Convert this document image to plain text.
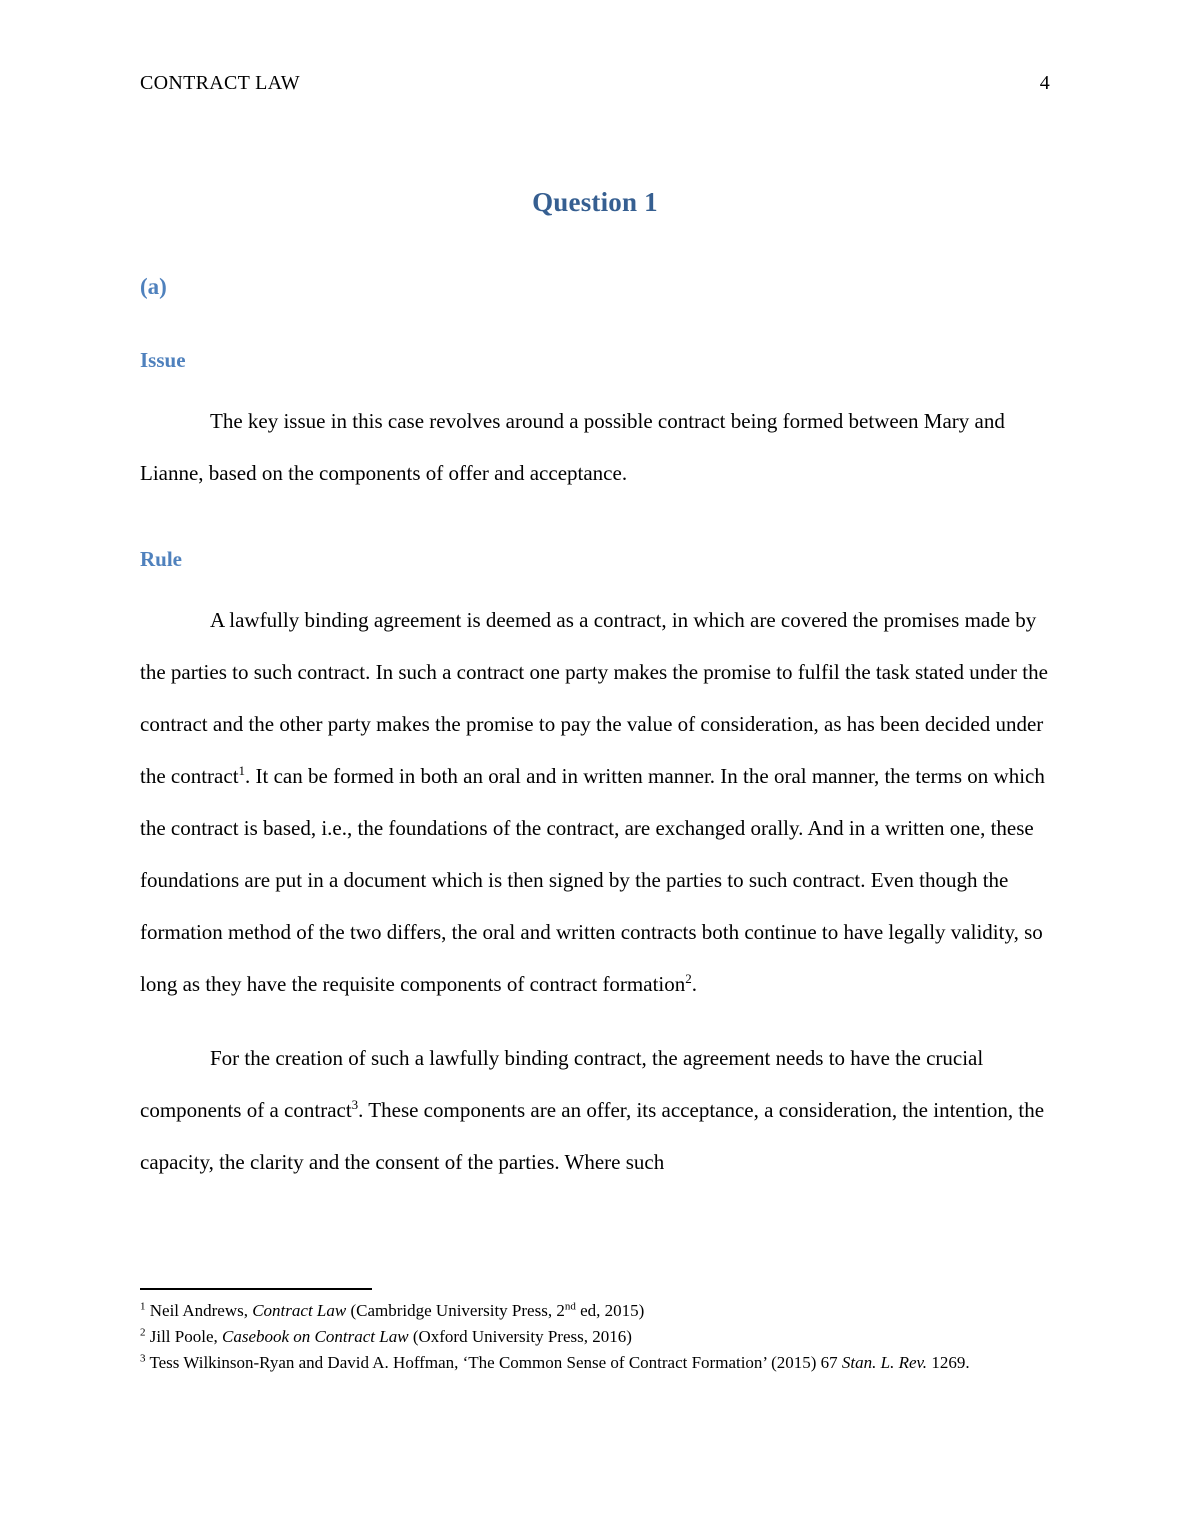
CONTRACT LAW	4
Question 1
(a)
Issue

The key issue in this case revolves around a possible contract being formed between Mary and Lianne, based on the components of offer and acceptance.

Rule

A lawfully binding agreement is deemed as a contract, in which are covered the promises made by the parties to such contract. In such a contract one party makes the promise to fulfil the task stated under the contract and the other party makes the promise to pay the value of consideration, as has been decided under the contract$^1$. It can be formed in both an oral and in written manner. In the oral manner, the terms on which the contract is based, i.e., the foundations of the contract, are exchanged orally. And in a written one, these foundations are put in a document which is then signed by the parties to such contract. Even though the formation method of the two differs, the oral and written contracts both continue to have legally validity, so long as they have the requisite components of contract formation$^2$.

For the creation of such a lawfully binding contract, the agreement needs to have the crucial components of a contract$^3$. These components are an offer, its acceptance, a consideration, the intention, the capacity, the clarity and the consent of the parties. Where such

$^1$ Neil Andrews, Contract Law (Cambridge University Press, 2nd ed, 2015)
$^2$ Jill Poole, Casebook on Contract Law (Oxford University Press, 2016)
$^3$ Tess Wilkinson-Ryan and David A. Hoffman, ‘The Common Sense of Contract Formation’ (2015) 67 Stan. L. Rev. 1269.
